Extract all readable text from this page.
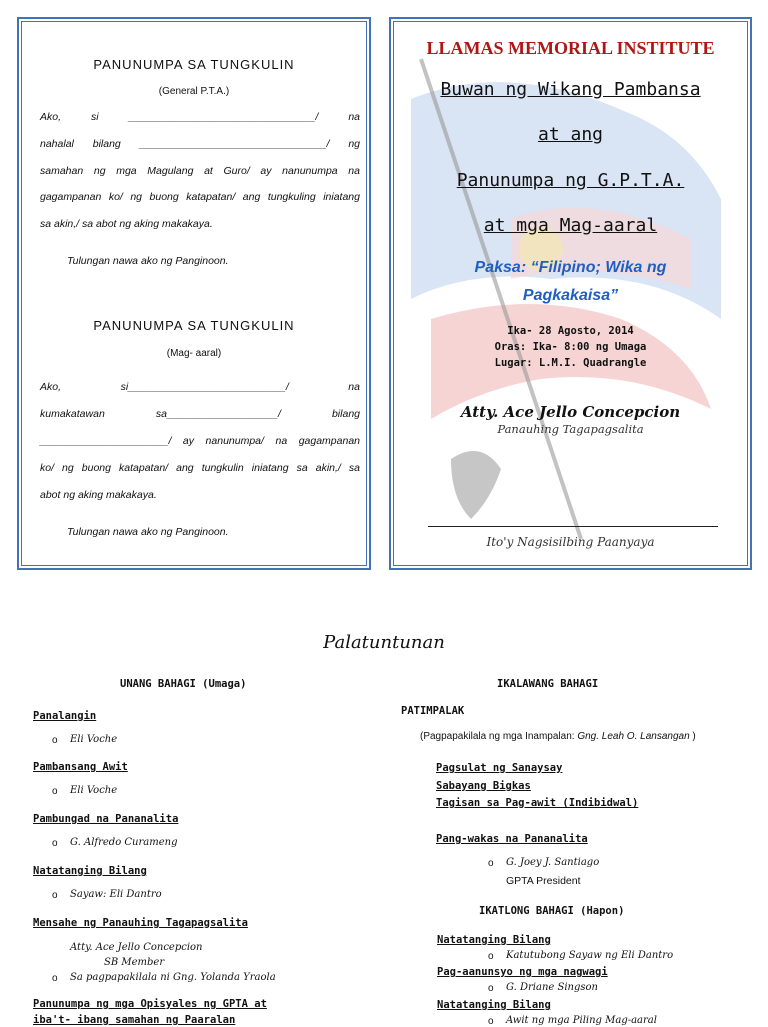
PANUNUMPA SA TUNGKULIN
(General P.T.A.)
Ako, si ________________________________/ na
nahalal bilang ________________________________/ ng
samahan ng mga Magulang at Guro/ ay nanunumpa na
gagampanan ko/ ng buong katapatan/ ang tungkuling iniatang
sa akin,/ sa abot ng aking makakaya.
Tulungan nawa ako ng Panginoon.
PANUNUMPA SA TUNGKULIN
(Mag- aaral)
Ako, si___________________________/ na
kumakatawan sa___________________/ bilang
______________________/ ay nanunumpa/ na gagampanan
ko/ ng buong katapatan/ ang tungkulin iniatang sa akin,/ sa
abot ng aking makakaya.
Tulungan nawa ako ng Panginoon.
LLAMAS MEMORIAL INSTITUTE
Buwan ng Wikang Pambansa
at ang
Panunumpa ng G.P.T.A.
at mga Mag-aaral
Paksa: “Filipino; Wika ng
Pagkakaisa”
Ika- 28 Agosto, 2014
Oras: Ika- 8:00 ng Umaga
Lugar: L.M.I. Quadrangle
Atty. Ace Jello Concepcion
Panauhing Tagapagsalita
Ito'y Nagsisilbing Paanyaya
Palatuntunan
UNANG BAHAGI (Umaga)
Panalangin
o Eli Voche
Pambansang Awit
o Eli Voche
Pambungad na Pananalita
o G. Alfredo Curameng
Natatanging Bilang
o Sayaw: Eli Dantro
Mensahe ng Panauhing Tagapagsalita
Atty. Ace Jello Concepcion
SB Member
o Sa pagpapakilala ni Gng. Yolanda Yraola
Panunumpa ng mga Opisyales ng GPTA at
iba't- ibang samahan ng Paaralan
IKALAWANG BAHAGI
PATIMPALAK
(Pagpapakilala ng mga Inampalan: Gng. Leah O. Lansangan )
Pagsulat ng Sanaysay
Sabayang Bigkas
Tagisan sa Pag-awit (Indibidwal)
Pang-wakas na Pananalita
o G. Joey J. Santiago
GPTA President
IKATLONG BAHAGI (Hapon)
Natatanging Bilang
o Katutubong Sayaw ng Eli Dantro
Pag-aanunsyo ng mga nagwagi
o G. Driane Singson
Natatanging Bilang
o Awit ng mga Piling Mag-aaral
